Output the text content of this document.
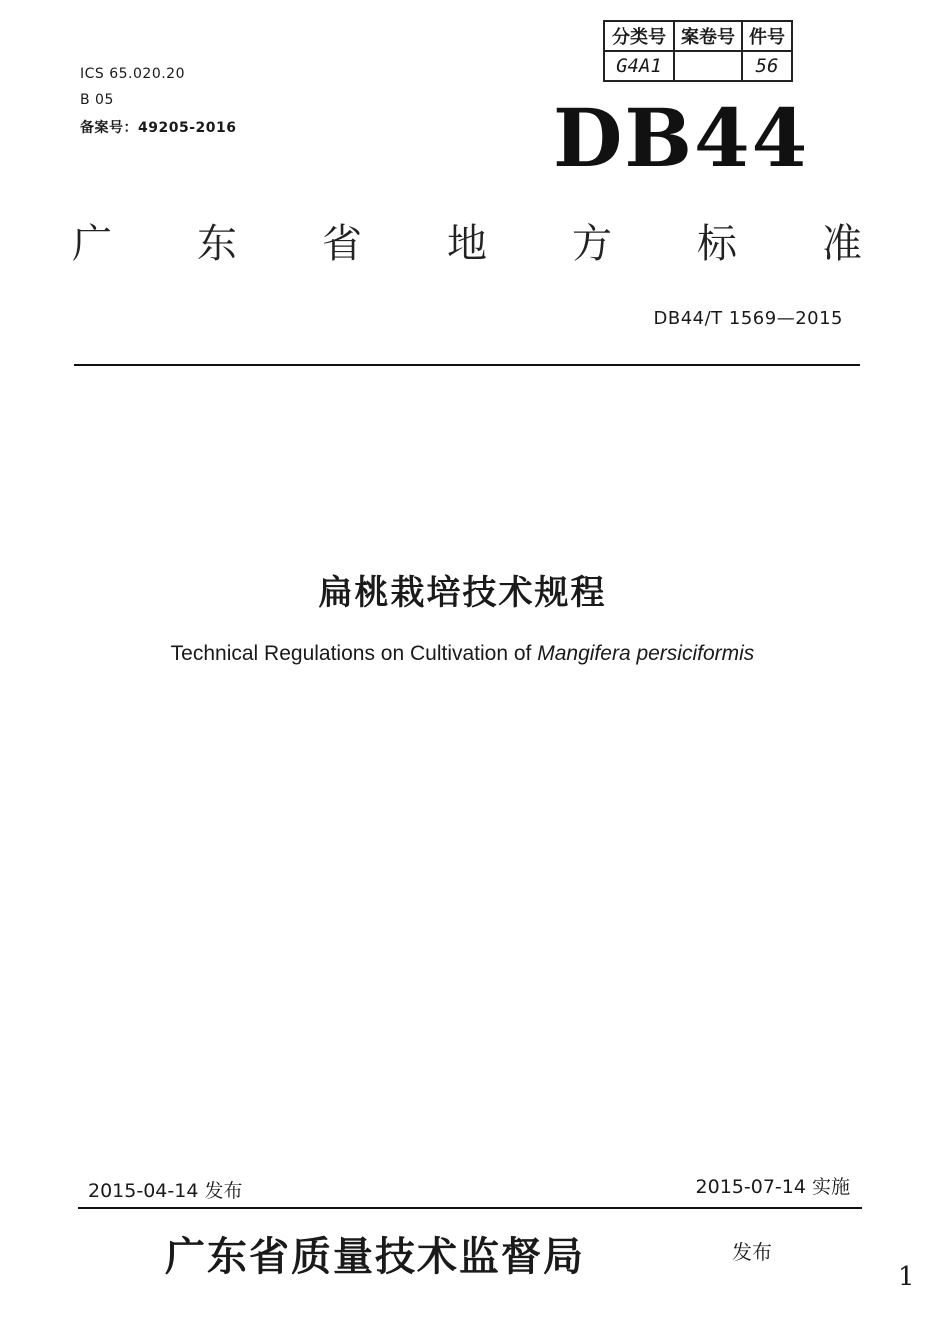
ICS 65.020.20
B 05
备案号：49205-2016
分类号	案卷号	件号
G4A1		56
DB44
广 东 省 地 方 标 准
DB44/T 1569—2015
扁桃栽培技术规程
Technical Regulations on Cultivation of Mangifera persiciformis
2015-04-14 发布	2015-07-14 实施
广东省质量技术监督局	发布
1
